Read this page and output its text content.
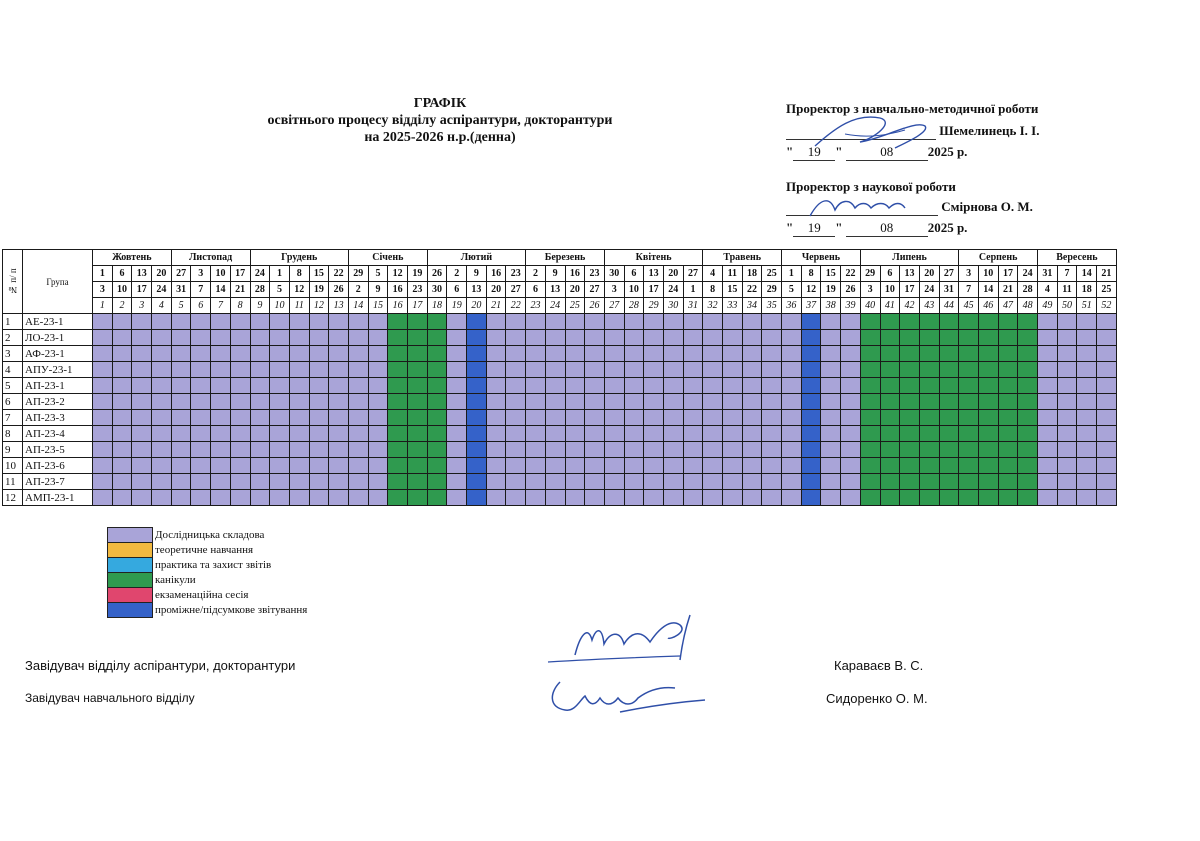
ГРАФІК
освітнього процесу відділу аспірантури, докторантури
на 2025-2026 н.р.(денна)
Проректор з навчально-методичної роботи
Шемелинець І. І.
" 19 "	08	2025 р.
Проректор з наукової роботи
Смірнова О. М.
" 19 "	08	2025 р.
№ п/ п	Група	Жовтень				Листопад				Грудень					Січень				Лютий					Березень				Квітень					Травень				Червень				Липень					Серпень				Вересень			
		1	6	13	20	27	3	10	17	24	1	8	15	22	29	5	12	19	26	2	9	16	23	2	9	16	23	30	6	13	20	27	4	11	18	25	1	8	15	22	29	6	13	20	27	3	10	17	24	31	7	14	21
		3	10	17	24	31	7	14	21	28	5	12	19	26	2	9	16	23	30	6	13	20	27	6	13	20	27	3	10	17	24	1	8	15	22	29	5	12	19	26	3	10	17	24	31	7	14	21	28	4	11	18	25
		1	2	3	4	5	6	7	8	9	10	11	12	13	14	15	16	17	18	19	20	21	22	23	24	25	26	27	28	29	30	31	32	33	34	35	36	37	38	39	40	41	42	43	44	45	46	47	48	49	50	51	52
1	АЕ-23-1																																																				
2	ЛО-23-1																																																				
3	АФ-23-1																																																				
4	АПУ-23-1																																																				
5	АП-23-1																																																				
6	АП-23-2																																																				
7	АП-23-3																																																				
8	АП-23-4																																																				
9	АП-23-5																																																				
10	АП-23-6																																																				
11	АП-23-7																																																				
12	АМП-23-1																																																				
Дослідницька складова
теоретичне навчання
практика та захист звітів
канікули
екзаменаційна сесія
проміжне/підсумкове звітування
Завідувач відділу аспірантури, докторантури	Караваєв В. С.
Завідувач навчального відділу	Сидоренко О. М.
